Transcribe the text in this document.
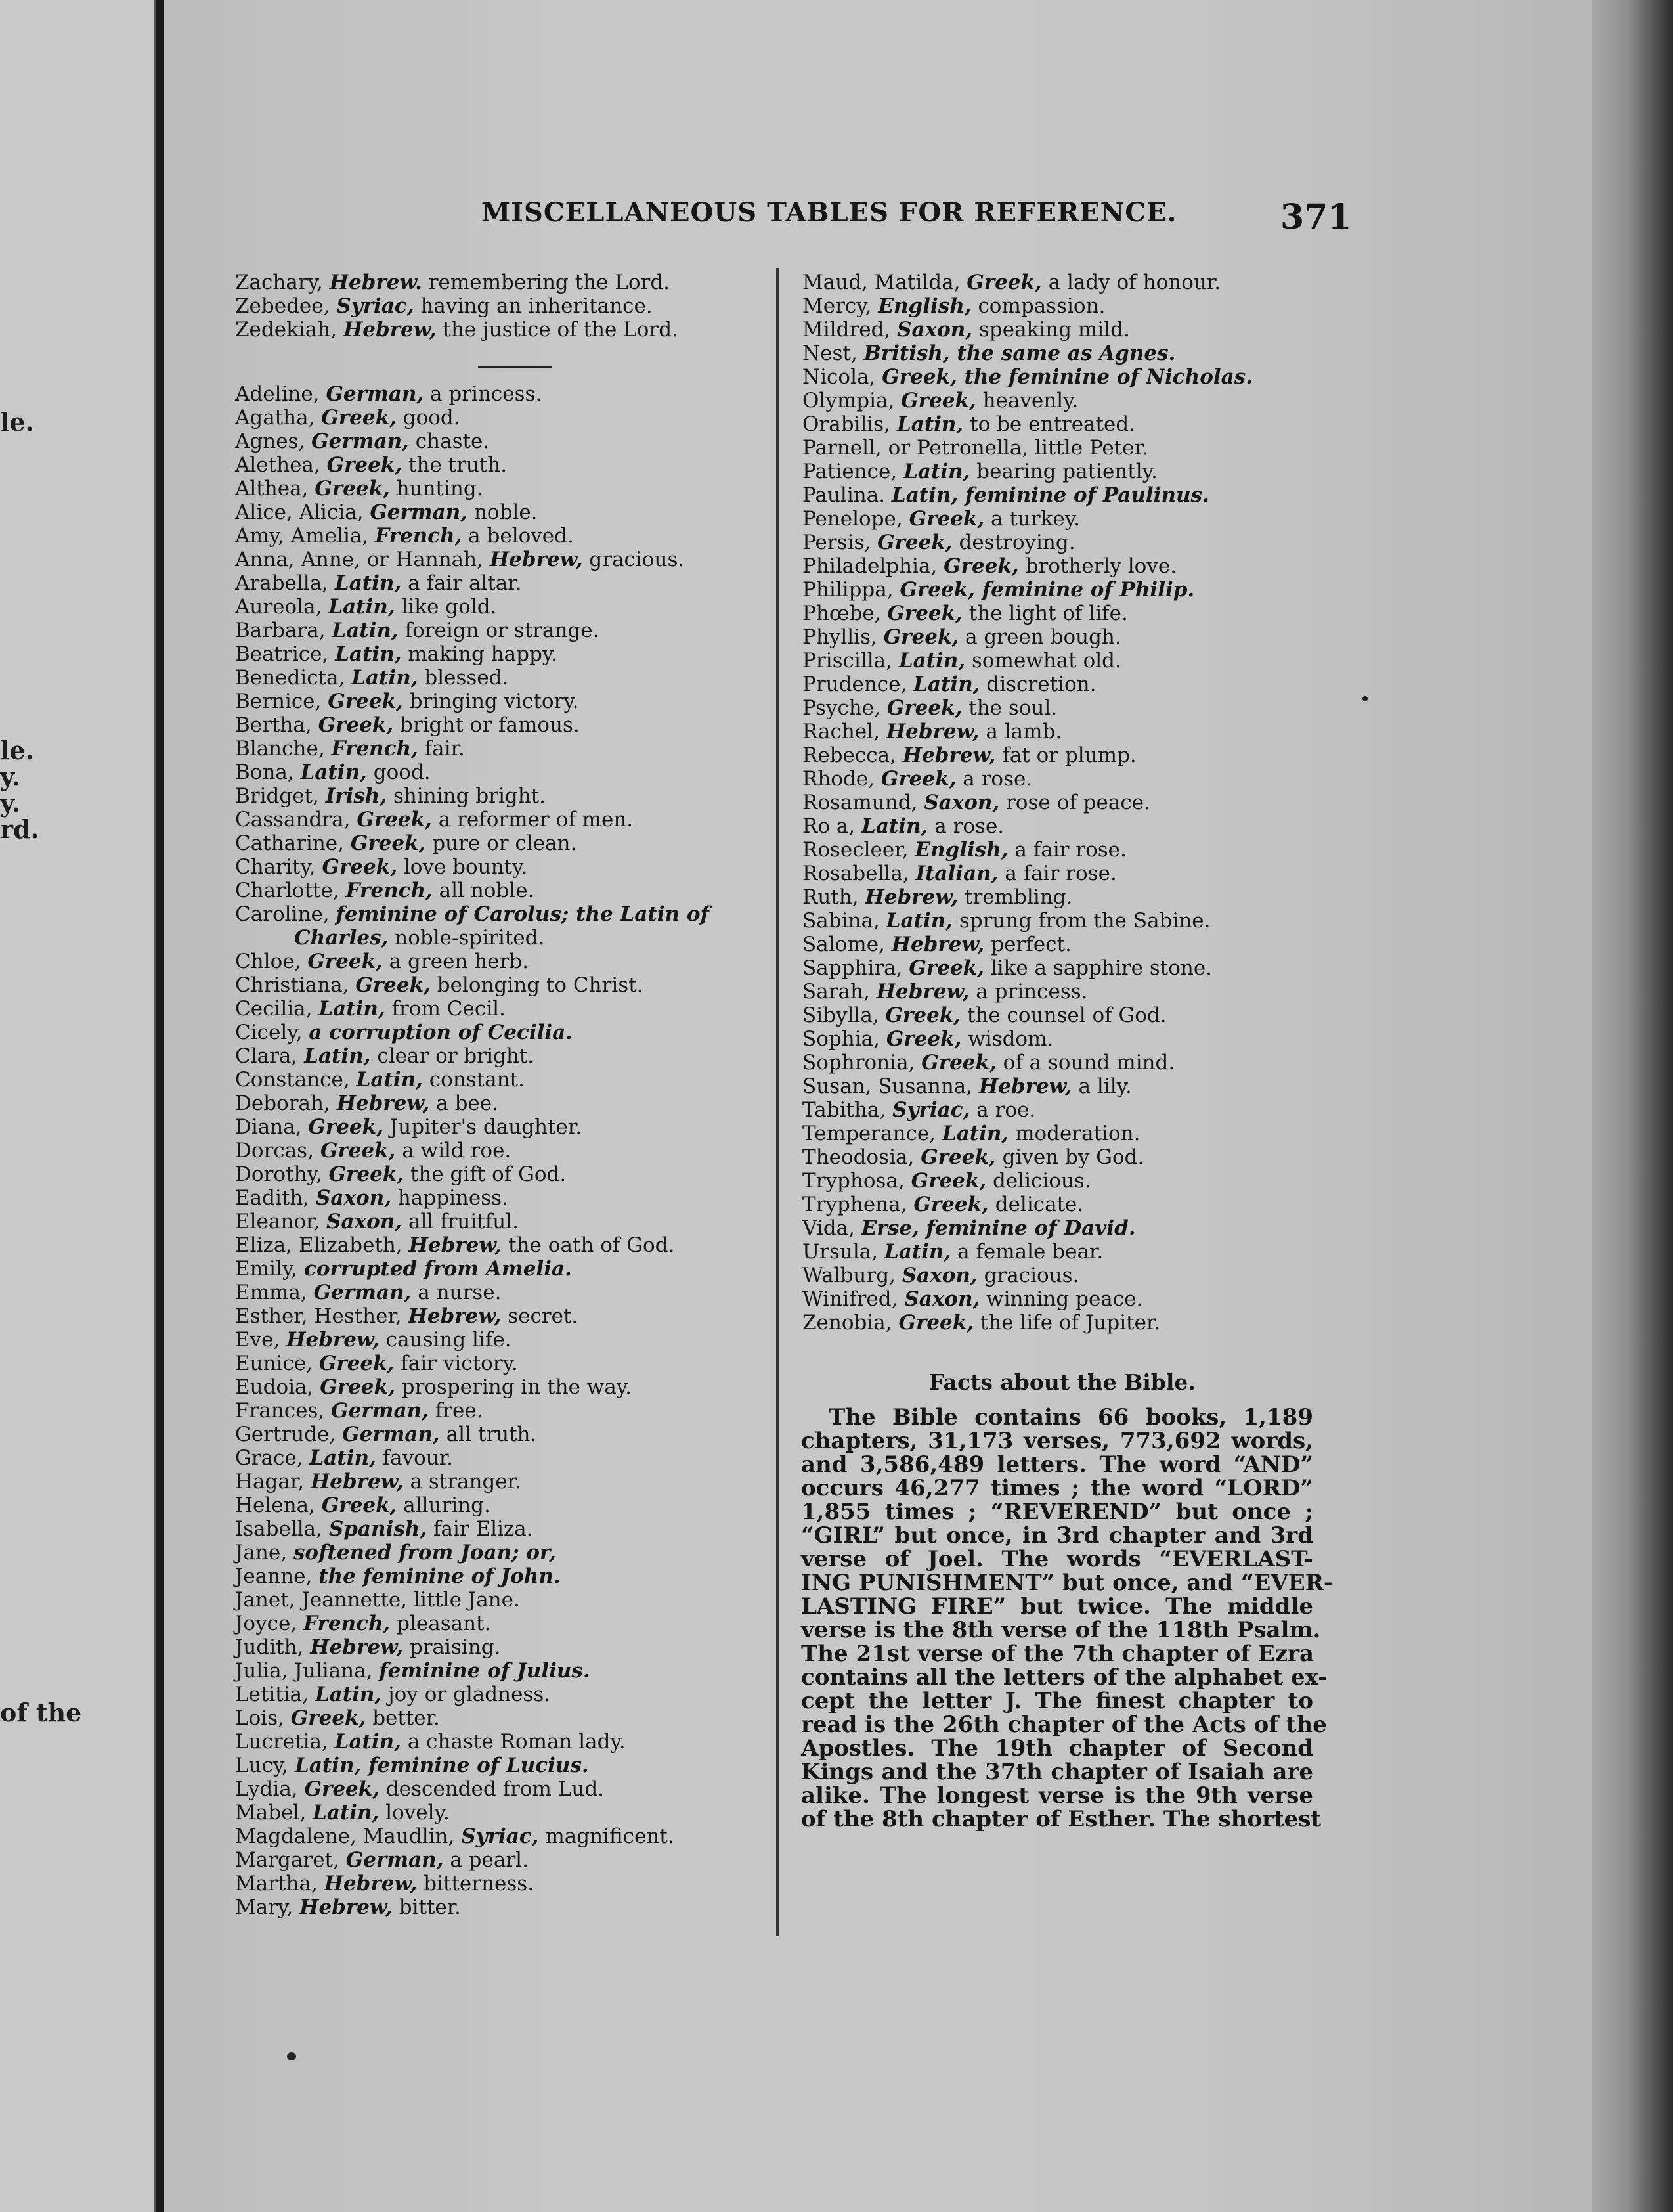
le.
le.
y.
y.
rd.
of the
MISCELLANEOUS TABLES FOR REFERENCE.	371
Zachary, Hebrew. remembering the Lord.
Zebedee, Syriac, having an inheritance.
Zedekiah, Hebrew, the justice of the Lord.
Adeline, German, a princess.
Agatha, Greek, good.
Agnes, German, chaste.
Alethea, Greek, the truth.
Althea, Greek, hunting.
Alice, Alicia, German, noble.
Amy, Amelia, French, a beloved.
Anna, Anne, or Hannah, Hebrew, gracious.
Arabella, Latin, a fair altar.
Aureola, Latin, like gold.
Barbara, Latin, foreign or strange.
Beatrice, Latin, making happy.
Benedicta, Latin, blessed.
Bernice, Greek, bringing victory.
Bertha, Greek, bright or famous.
Blanche, French, fair.
Bona, Latin, good.
Bridget, Irish, shining bright.
Cassandra, Greek, a reformer of men.
Catharine, Greek, pure or clean.
Charity, Greek, love bounty.
Charlotte, French, all noble.
Caroline, feminine of Carolus; the Latin of
Charles, noble-spirited.
Chloe, Greek, a green herb.
Christiana, Greek, belonging to Christ.
Cecilia, Latin, from Cecil.
Cicely, a corruption of Cecilia.
Clara, Latin, clear or bright.
Constance, Latin, constant.
Deborah, Hebrew, a bee.
Diana, Greek, Jupiter's daughter.
Dorcas, Greek, a wild roe.
Dorothy, Greek, the gift of God.
Eadith, Saxon, happiness.
Eleanor, Saxon, all fruitful.
Eliza, Elizabeth, Hebrew, the oath of God.
Emily, corrupted from Amelia.
Emma, German, a nurse.
Esther, Hesther, Hebrew, secret.
Eve, Hebrew, causing life.
Eunice, Greek, fair victory.
Eudoia, Greek, prospering in the way.
Frances, German, free.
Gertrude, German, all truth.
Grace, Latin, favour.
Hagar, Hebrew, a stranger.
Helena, Greek, alluring.
Isabella, Spanish, fair Eliza.
Jane, softened from Joan; or,
Jeanne, the feminine of John.
Janet, Jeannette, little Jane.
Joyce, French, pleasant.
Judith, Hebrew, praising.
Julia, Juliana, feminine of Julius.
Letitia, Latin, joy or gladness.
Lois, Greek, better.
Lucretia, Latin, a chaste Roman lady.
Lucy, Latin, feminine of Lucius.
Lydia, Greek, descended from Lud.
Mabel, Latin, lovely.
Magdalene, Maudlin, Syriac, magnificent.
Margaret, German, a pearl.
Martha, Hebrew, bitterness.
Mary, Hebrew, bitter.
Maud, Matilda, Greek, a lady of honour.
Mercy, English, compassion.
Mildred, Saxon, speaking mild.
Nest, British, the same as Agnes.
Nicola, Greek, the feminine of Nicholas.
Olympia, Greek, heavenly.
Orabilis, Latin, to be entreated.
Parnell, or Petronella, little Peter.
Patience, Latin, bearing patiently.
Paulina. Latin, feminine of Paulinus.
Penelope, Greek, a turkey.
Persis, Greek, destroying.
Philadelphia, Greek, brotherly love.
Philippa, Greek, feminine of Philip.
Phœbe, Greek, the light of life.
Phyllis, Greek, a green bough.
Priscilla, Latin, somewhat old.
Prudence, Latin, discretion.
Psyche, Greek, the soul.
Rachel, Hebrew, a lamb.
Rebecca, Hebrew, fat or plump.
Rhode, Greek, a rose.
Rosamund, Saxon, rose of peace.
Ro a, Latin, a rose.
Rosecleer, English, a fair rose.
Rosabella, Italian, a fair rose.
Ruth, Hebrew, trembling.
Sabina, Latin, sprung from the Sabine.
Salome, Hebrew, perfect.
Sapphira, Greek, like a sapphire stone.
Sarah, Hebrew, a princess.
Sibylla, Greek, the counsel of God.
Sophia, Greek, wisdom.
Sophronia, Greek, of a sound mind.
Susan, Susanna, Hebrew, a lily.
Tabitha, Syriac, a roe.
Temperance, Latin, moderation.
Theodosia, Greek, given by God.
Tryphosa, Greek, delicious.
Tryphena, Greek, delicate.
Vida, Erse, feminine of David.
Ursula, Latin, a female bear.
Walburg, Saxon, gracious.
Winifred, Saxon, winning peace.
Zenobia, Greek, the life of Jupiter.
Facts about the Bible.
The Bible contains 66 books, 1,189
chapters, 31,173 verses, 773,692 words,
and 3,586,489 letters. The word “AND”
occurs 46,277 times ; the word “LORD”
1,855 times ; “REVEREND” but once ;
“GIRL” but once, in 3rd chapter and 3rd
verse of Joel. The words “EVERLAST-
ING PUNISHMENT” but once, and “EVER-
LASTING FIRE” but twice. The middle
verse is the 8th verse of the 118th Psalm.
The 21st verse of the 7th chapter of Ezra
contains all the letters of the alphabet ex-
cept the letter J. The finest chapter to
read is the 26th chapter of the Acts of the
Apostles. The 19th chapter of Second
Kings and the 37th chapter of Isaiah are
alike. The longest verse is the 9th verse
of the 8th chapter of Esther. The shortest
